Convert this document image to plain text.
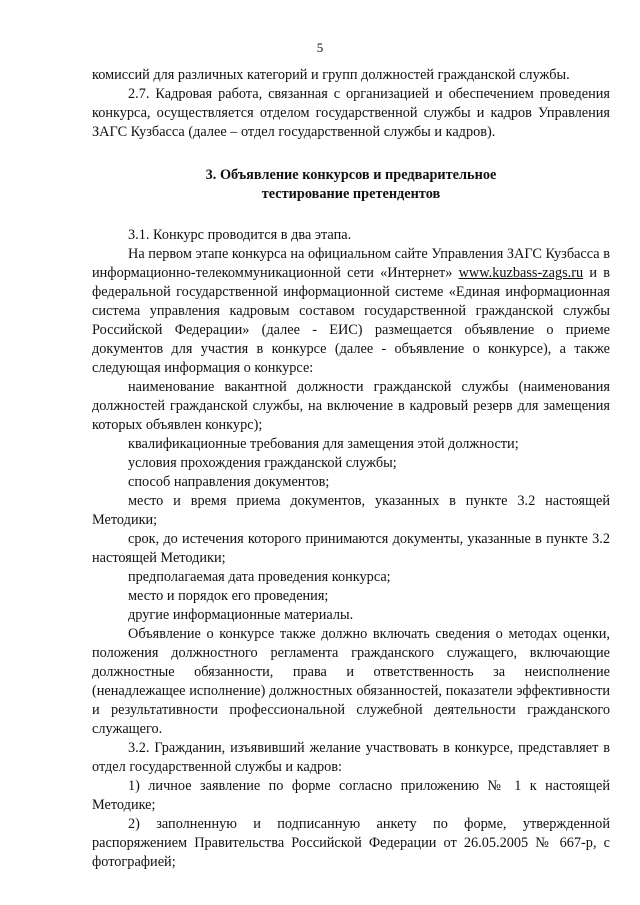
5

комиссий для различных категорий и групп должностей гражданской службы.

2.7. Кадровая работа, связанная с организацией и обеспечением проведения конкурса, осуществляется отделом государственной службы и кадров Управления ЗАГС Кузбасса (далее – отдел государственной службы и кадров).

3. Объявление конкурсов и предварительное
тестирование претендентов

3.1. Конкурс проводится в два этапа.

На первом этапе конкурса на официальном сайте Управления ЗАГС Кузбасса в информационно-телекоммуникационной сети «Интернет» www.kuzbass-zags.ru и в федеральной государственной информационной системе «Единая информационная система управления кадровым составом государственной гражданской службы Российской Федерации» (далее - ЕИС) размещается объявление о приеме документов для участия в конкурсе (далее - объявление о конкурсе), а также следующая информация о конкурсе:

наименование вакантной должности гражданской службы (наименования должностей гражданской службы, на включение в кадровый резерв для замещения которых объявлен конкурс);

квалификационные требования для замещения этой должности;

условия прохождения гражданской службы;

способ направления документов;

место и время приема документов, указанных в пункте 3.2 настоящей Методики;

срок, до истечения которого принимаются документы, указанные в пункте 3.2 настоящей Методики;

предполагаемая дата проведения конкурса;

место и порядок его проведения;

другие информационные материалы.

Объявление о конкурсе также должно включать сведения о методах оценки, положения должностного регламента гражданского служащего, включающие должностные обязанности, права и ответственность за неисполнение (ненадлежащее исполнение) должностных обязанностей, показатели эффективности и результативности профессиональной служебной деятельности гражданского служащего.

3.2. Гражданин, изъявивший желание участвовать в конкурсе, представляет в отдел государственной службы и кадров:

1) личное заявление по форме согласно приложению № 1 к настоящей Методике;

2) заполненную и подписанную анкету по форме, утвержденной распоряжением Правительства Российской Федерации от 26.05.2005 № 667-р, с фотографией;
